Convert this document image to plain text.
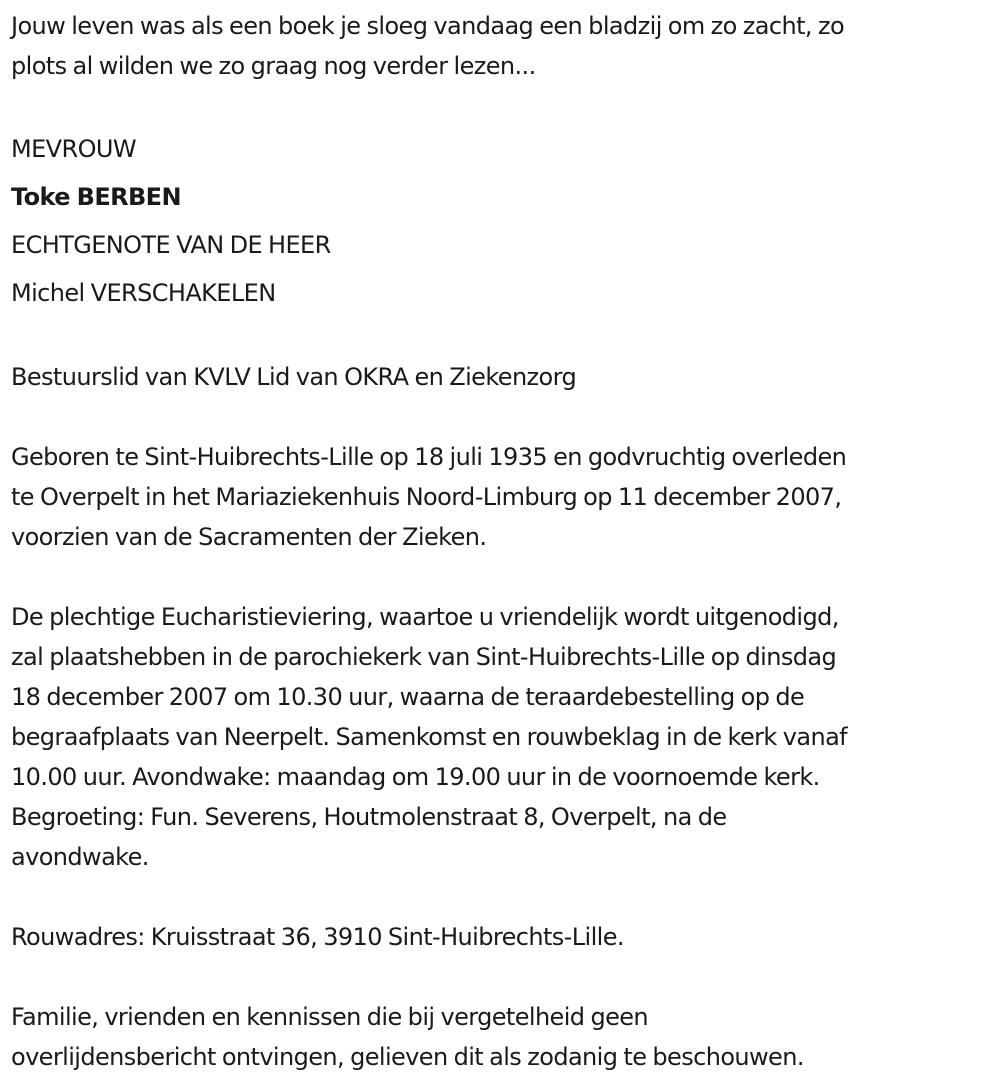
Jouw leven was als een boek je sloeg vandaag een bladzij om zo zacht, zo
plots al wilden we zo graag nog verder lezen...
MEVROUW
Toke BERBEN
ECHTGENOTE VAN DE HEER
Michel VERSCHAKELEN
Bestuurslid van KVLV Lid van OKRA en Ziekenzorg
Geboren te Sint-Huibrechts-Lille op 18 juli 1935 en godvruchtig overleden
te Overpelt in het Mariaziekenhuis Noord-Limburg op 11 december 2007,
voorzien van de Sacramenten der Zieken.
De plechtige Eucharistieviering, waartoe u vriendelijk wordt uitgenodigd,
zal plaatshebben in de parochiekerk van Sint-Huibrechts-Lille op dinsdag
18 december 2007 om 10.30 uur, waarna de teraardebestelling op de
begraafplaats van Neerpelt. Samenkomst en rouwbeklag in de kerk vanaf
10.00 uur. Avondwake: maandag om 19.00 uur in de voornoemde kerk.
Begroeting: Fun. Severens, Houtmolenstraat 8, Overpelt, na de
avondwake.
Rouwadres: Kruisstraat 36, 3910 Sint-Huibrechts-Lille.
Familie, vrienden en kennissen die bij vergetelheid geen
overlijdensbericht ontvingen, gelieven dit als zodanig te beschouwen.
